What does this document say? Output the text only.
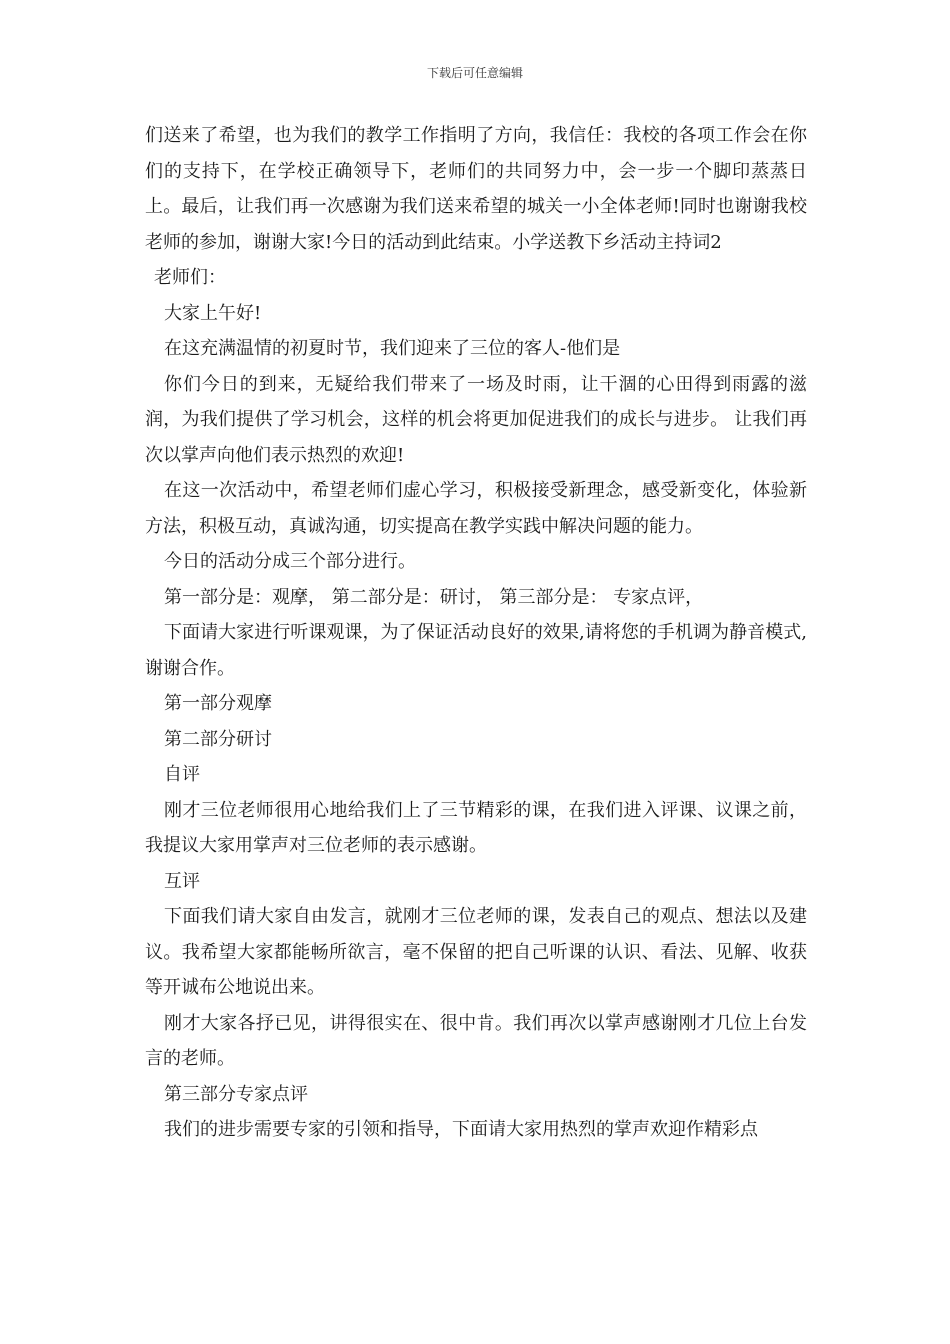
下载后可任意编辑

们送来了希望，也为我们的教学工作指明了方向，我信任：我校的各项工作会在你们的支持下，在学校正确领导下，老师们的共同努力中，会一步一个脚印蒸蒸日上。最后，让我们再一次感谢为我们送来希望的城关一小全体老师!同时也谢谢我校老师的参加，谢谢大家!今日的活动到此结束。小学送教下乡活动主持词2

老师们：

大家上午好!

在这充满温情的初夏时节，我们迎来了三位的客人-他们是

你们今日的到来，无疑给我们带来了一场及时雨，让干涸的心田得到雨露的滋润，为我们提供了学习机会，这样的机会将更加促进我们的成长与进步。 让我们再次以掌声向他们表示热烈的欢迎!

在这一次活动中，希望老师们虚心学习，积极接受新理念，感受新变化，体验新方法，积极互动，真诚沟通，切实提高在教学实践中解决问题的能力。

今日的活动分成三个部分进行。

第一部分是：观摩， 第二部分是：研讨， 第三部分是： 专家点评，

下面请大家进行听课观课，为了保证活动良好的效果,请将您的手机调为静音模式,谢谢合作。

第一部分观摩

第二部分研讨

自评

刚才三位老师很用心地给我们上了三节精彩的课，在我们进入评课、议课之前，我提议大家用掌声对三位老师的表示感谢。

互评

下面我们请大家自由发言，就刚才三位老师的课，发表自己的观点、想法以及建议。我希望大家都能畅所欲言，毫不保留的把自己听课的认识、看法、见解、收获等开诚布公地说出来。

刚才大家各抒已见，讲得很实在、很中肯。我们再次以掌声感谢刚才几位上台发言的老师。

第三部分专家点评

我们的进步需要专家的引领和指导，下面请大家用热烈的掌声欢迎作精彩点
